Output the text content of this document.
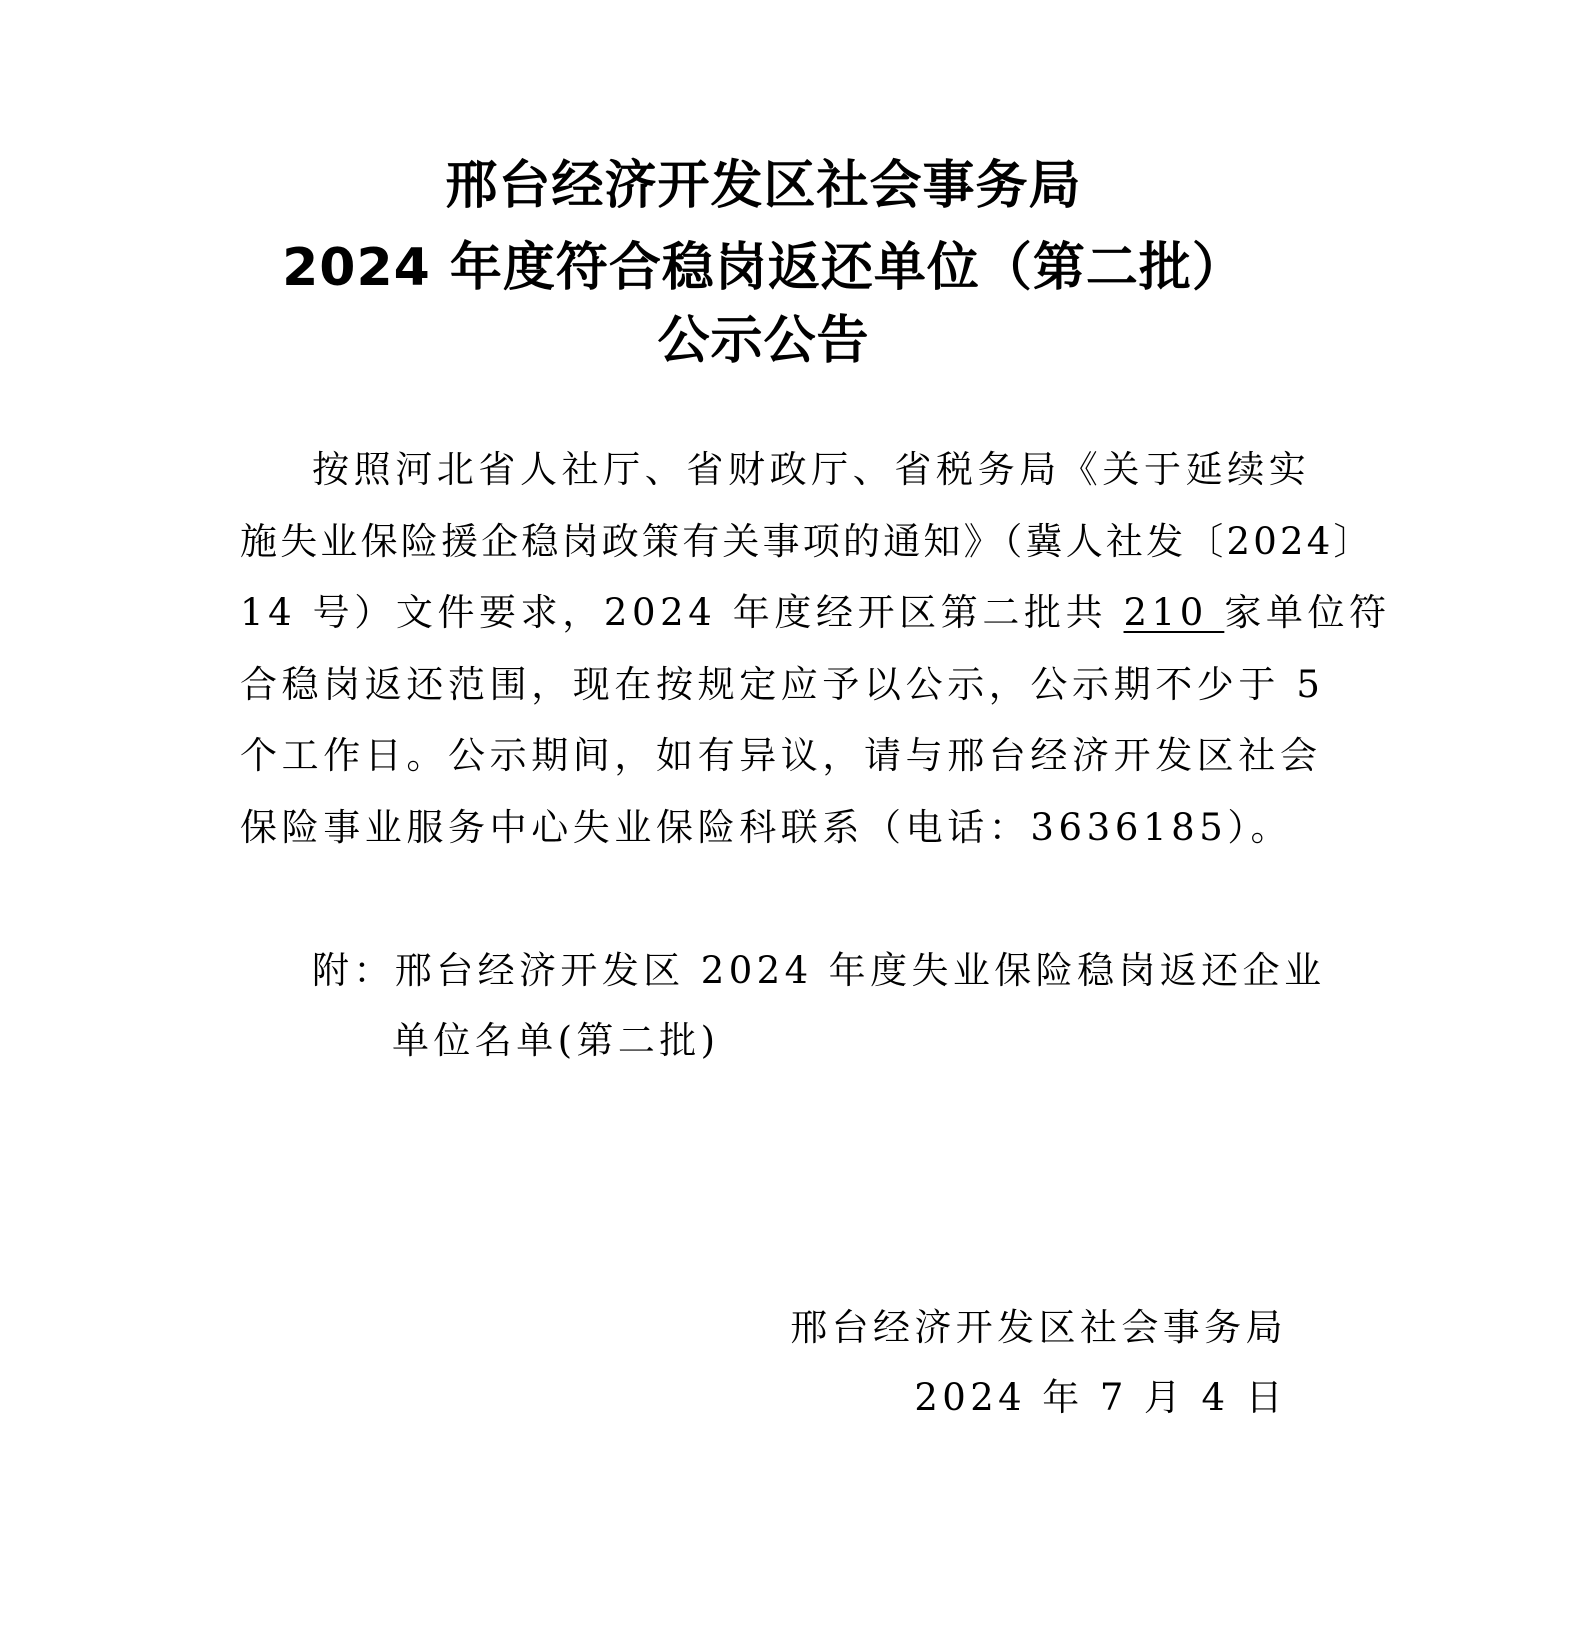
邢台经济开发区社会事务局
2024 年度符合稳岗返还单位（第二批）
公示公告
按照河北省人社厅、省财政厅、省税务局《关于延续实
施失业保险援企稳岗政策有关事项的通知》（冀人社发〔2024〕
14 号）文件要求，2024 年度经开区第二批共 210 家单位符
合稳岗返还范围，现在按规定应予以公示，公示期不少于 5
个工作日。公示期间，如有异议，请与邢台经济开发区社会
保险事业服务中心失业保险科联系（电话：3636185）。
附：邢台经济开发区 2024 年度失业保险稳岗返还企业
单位名单(第二批)
邢台经济开发区社会事务局
2024 年 7 月 4 日
